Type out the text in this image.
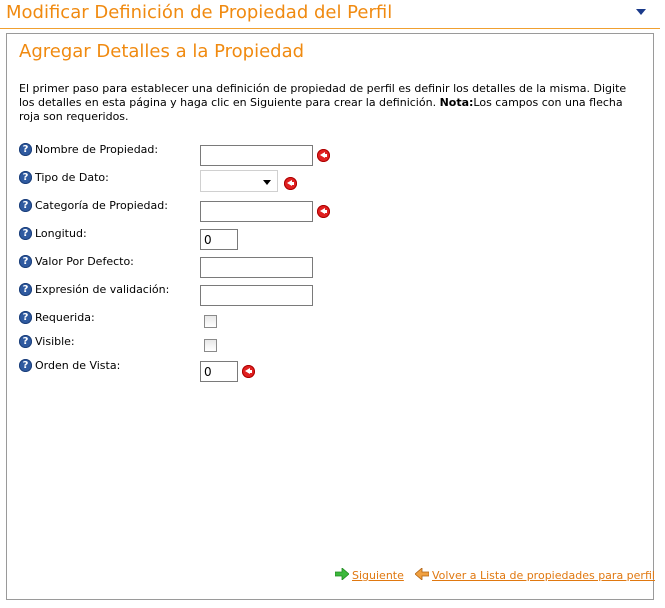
Modificar Definición de Propiedad del Perfil
Agregar Detalles a la Propiedad
El primer paso para establecer una definición de propiedad de perfil es definir los detalles de la misma. Digite los detalles en esta página y haga clic en Siguiente para crear la definición. Nota:Los campos con una flecha roja son requeridos.
? Nombre de Propiedad:
? Tipo de Dato:
? Categoría de Propiedad:
? Longitud:
0
? Valor Por Defecto:
? Expresión de validación:
? Requerida:
? Visible:
? Orden de Vista:
0
Siguiente	Volver a Lista de propiedades para perfil
